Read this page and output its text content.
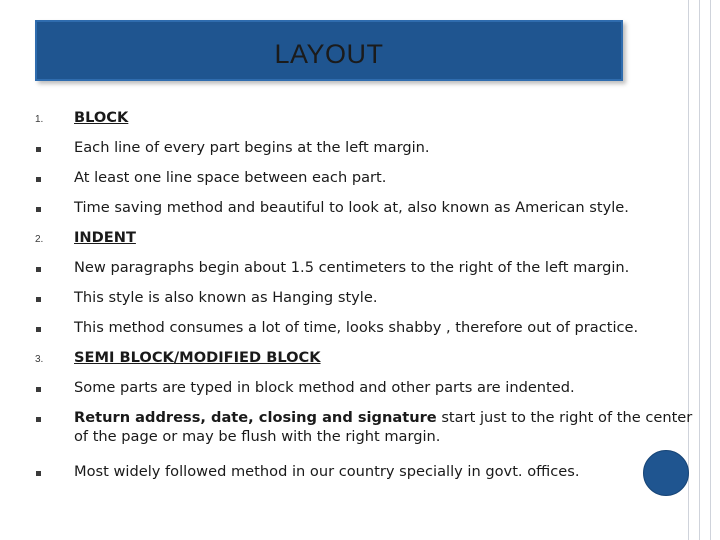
LAYOUT
1. BLOCK
Each line of every part begins at the left margin.
At least one line space between each part.
Time saving method and beautiful to look at, also known as American style.
2. INDENT
New paragraphs begin about 1.5 centimeters to the right of the left margin.
This style is also known as Hanging style.
This method consumes a lot of time, looks shabby , therefore out of practice.
3. SEMI BLOCK/MODIFIED BLOCK
Some parts are typed in block method and other parts are indented.
Return address, date, closing and signature start just to the right of the center of the page or may be flush with the right margin.
Most widely followed method in our country specially in govt. offices.
